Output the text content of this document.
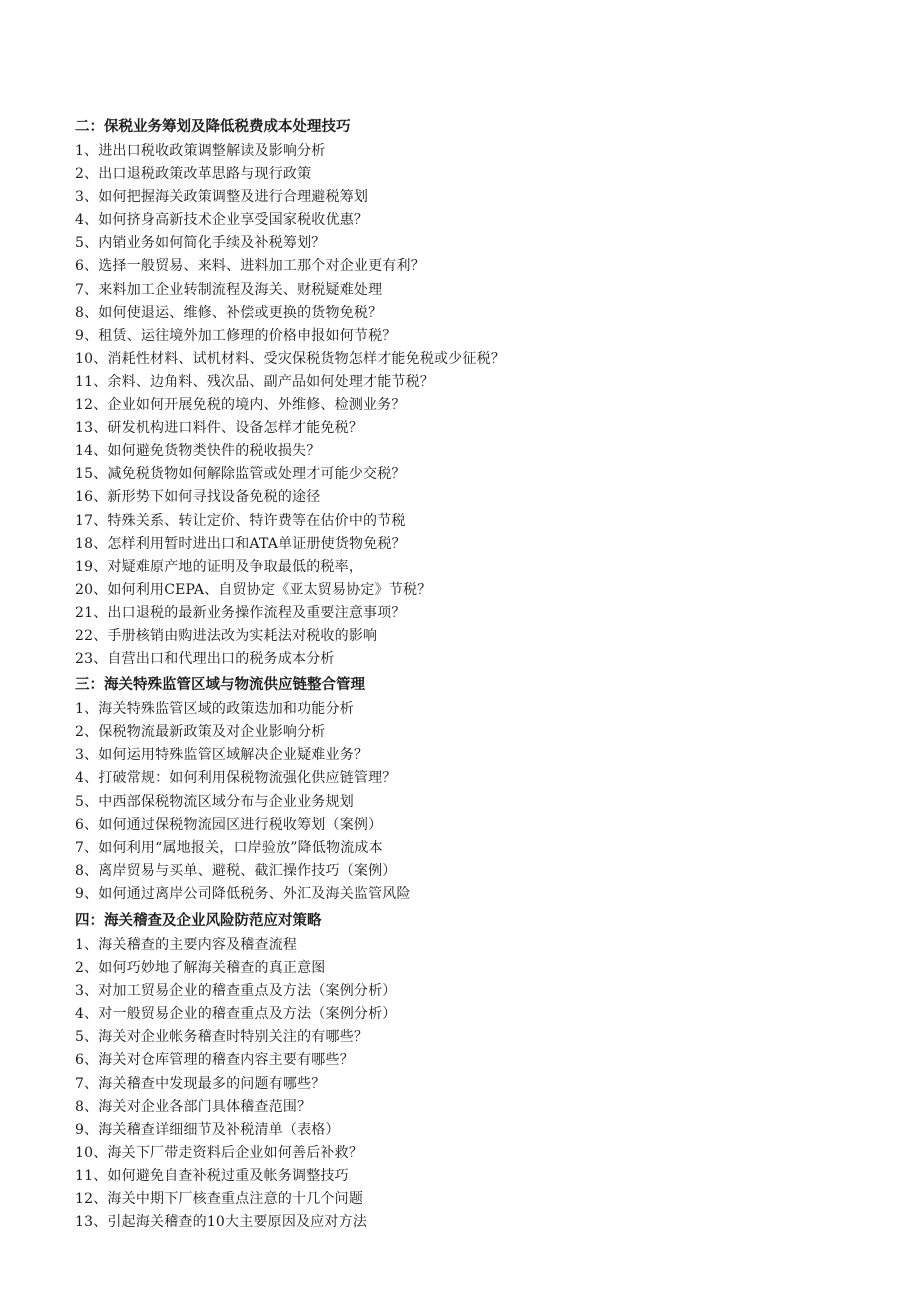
二：保税业务筹划及降低税费成本处理技巧
1、进出口税收政策调整解读及影响分析
2、出口退税政策改革思路与现行政策
3、如何把握海关政策调整及进行合理避税筹划
4、如何挤身高新技术企业享受国家税收优惠？
5、内销业务如何简化手续及补税筹划？
6、选择一般贸易、来料、进料加工那个对企业更有利？
7、来料加工企业转制流程及海关、财税疑难处理
8、如何使退运、维修、补偿或更换的货物免税？
9、租赁、运往境外加工修理的价格申报如何节税？
10、消耗性材料、试机材料、受灾保税货物怎样才能免税或少征税？
11、余料、边角料、残次品、副产品如何处理才能节税？
12、企业如何开展免税的境内、外维修、检测业务？
13、研发机构进口料件、设备怎样才能免税？
14、如何避免货物类快件的税收损失？
15、减免税货物如何解除监管或处理才可能少交税？
16、新形势下如何寻找设备免税的途径
17、特殊关系、转让定价、特许费等在估价中的节税
18、怎样利用暂时进出口和ATA单证册使货物免税？
19、对疑难原产地的证明及争取最低的税率，
20、如何利用CEPA、自贸协定《亚太贸易协定》节税？
21、出口退税的最新业务操作流程及重要注意事项？
22、手册核销由购进法改为实耗法对税收的影响
23、自营出口和代理出口的税务成本分析
三：海关特殊监管区域与物流供应链整合管理
1、海关特殊监管区域的政策迭加和功能分析
2、保税物流最新政策及对企业影响分析
3、如何运用特殊监管区域解决企业疑难业务？
4、打破常规：如何利用保税物流强化供应链管理？
5、中西部保税物流区域分布与企业业务规划
6、如何通过保税物流园区进行税收筹划（案例）
7、如何利用“属地报关，口岸验放”降低物流成本
8、离岸贸易与买单、避税、截汇操作技巧（案例）
9、如何通过离岸公司降低税务、外汇及海关监管风险
四：海关稽查及企业风险防范应对策略
1、海关稽查的主要内容及稽查流程
2、如何巧妙地了解海关稽查的真正意图
3、对加工贸易企业的稽查重点及方法（案例分析）
4、对一般贸易企业的稽查重点及方法（案例分析）
5、海关对企业帐务稽查时特别关注的有哪些？
6、海关对仓库管理的稽查内容主要有哪些？
7、海关稽查中发现最多的问题有哪些？
8、海关对企业各部门具体稽查范围？
9、海关稽查详细细节及补税清单（表格）
10、海关下厂带走资料后企业如何善后补救？
11、如何避免自查补税过重及帐务调整技巧
12、海关中期下厂核查重点注意的十几个问题
13、引起海关稽查的10大主要原因及应对方法
